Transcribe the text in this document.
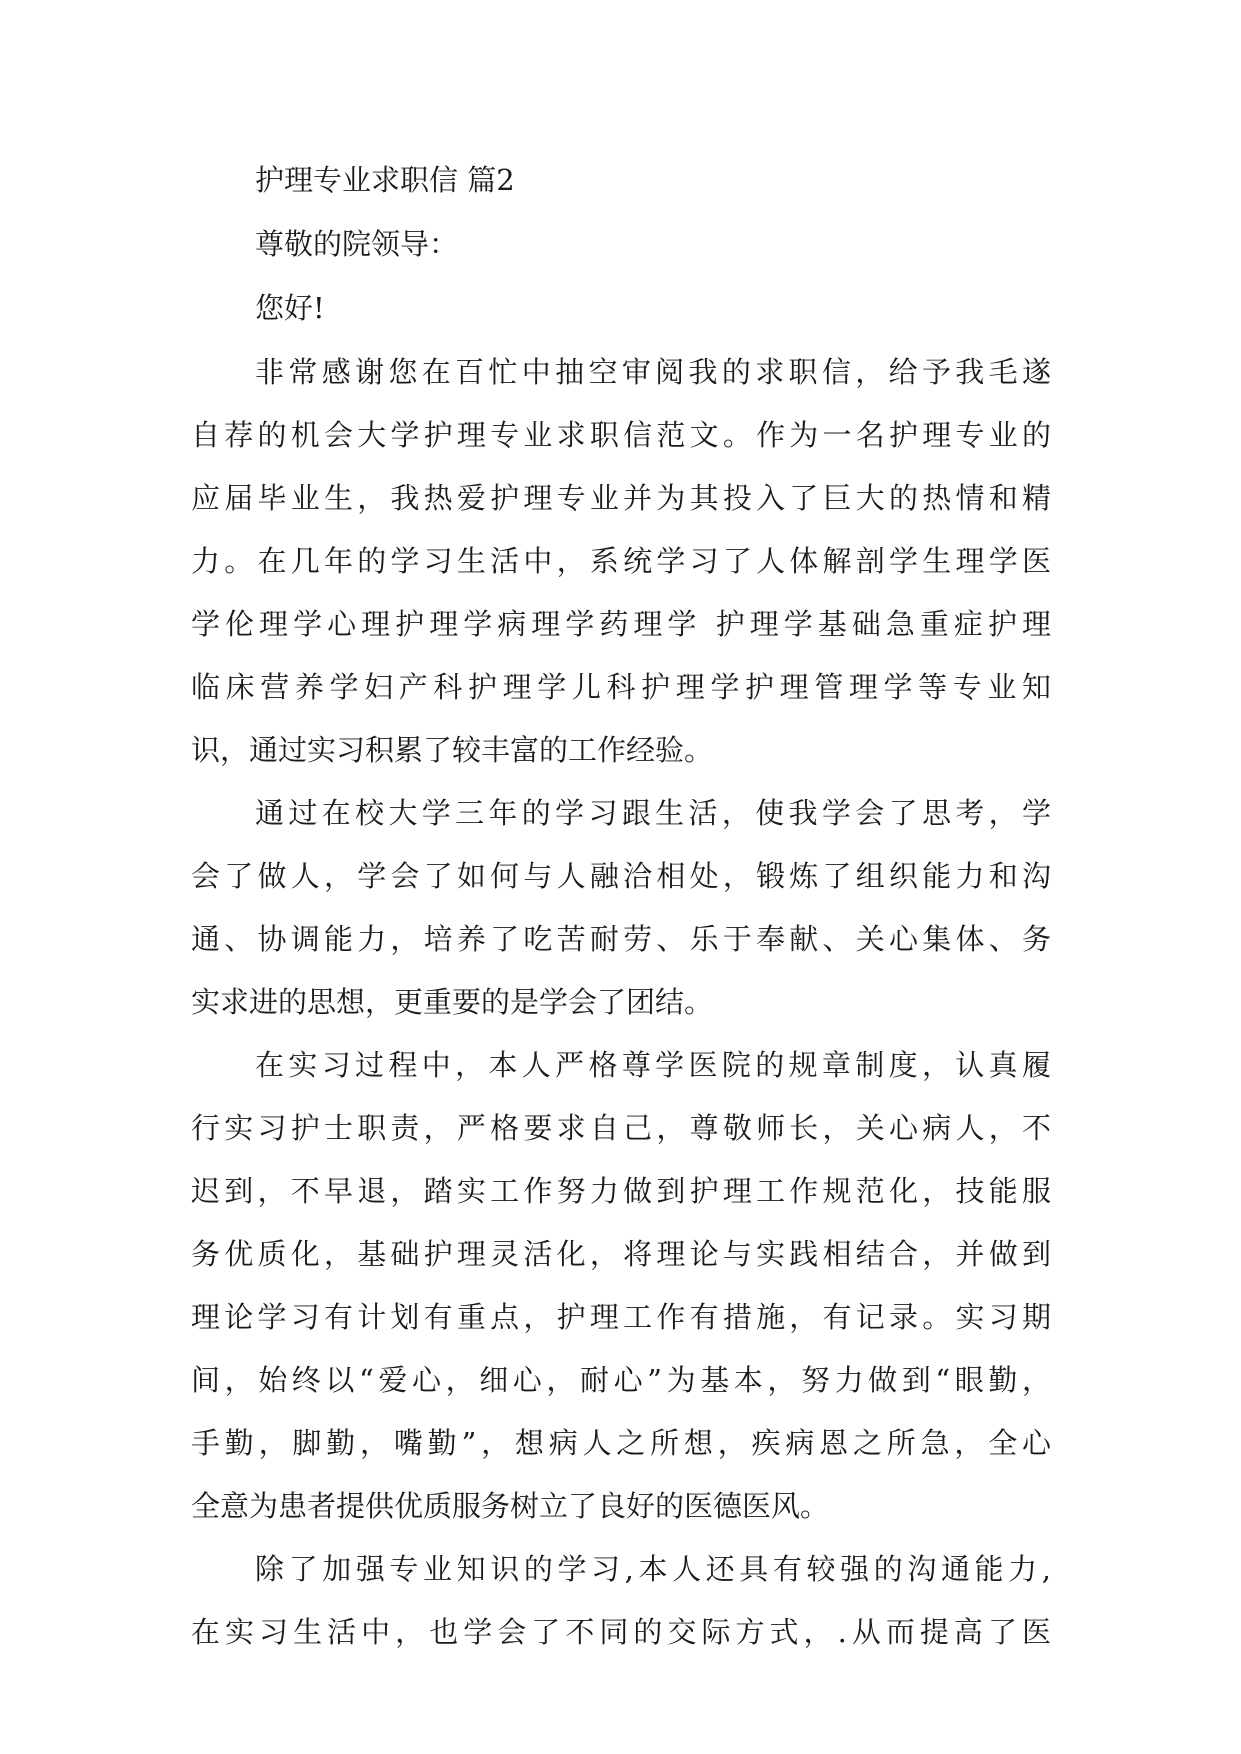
护理专业求职信 篇2
尊敬的院领导：
您好!
非常感谢您在百忙中抽空审阅我的求职信，给予我毛遂
自荐的机会大学护理专业求职信范文。作为一名护理专业的
应届毕业生，我热爱护理专业并为其投入了巨大的热情和精
力。在几年的学习生活中，系统学习了人体解剖学生理学医
学伦理学心理护理学病理学药理学 护理学基础急重症护理
临床营养学妇产科护理学儿科护理学护理管理学等专业知
识，通过实习积累了较丰富的工作经验。
通过在校大学三年的学习跟生活，使我学会了思考，学
会了做人，学会了如何与人融洽相处，锻炼了组织能力和沟
通、协调能力，培养了吃苦耐劳、乐于奉献、关心集体、务
实求进的思想，更重要的是学会了团结。
在实习过程中，本人严格尊学医院的规章制度，认真履
行实习护士职责，严格要求自己，尊敬师长，关心病人，不
迟到，不早退，踏实工作努力做到护理工作规范化，技能服
务优质化，基础护理灵活化，将理论与实践相结合，并做到
理论学习有计划有重点，护理工作有措施，有记录。实习期
间，始终以“爱心，细心，耐心”为基本，努力做到“眼勤，
手勤，脚勤，嘴勤”，想病人之所想，疾病恩之所急，全心
全意为患者提供优质服务树立了良好的医德医风。
除了加强专业知识的学习,本人还具有较强的沟通能力,
在实习生活中，也学会了不同的交际方式，.从而提高了医
